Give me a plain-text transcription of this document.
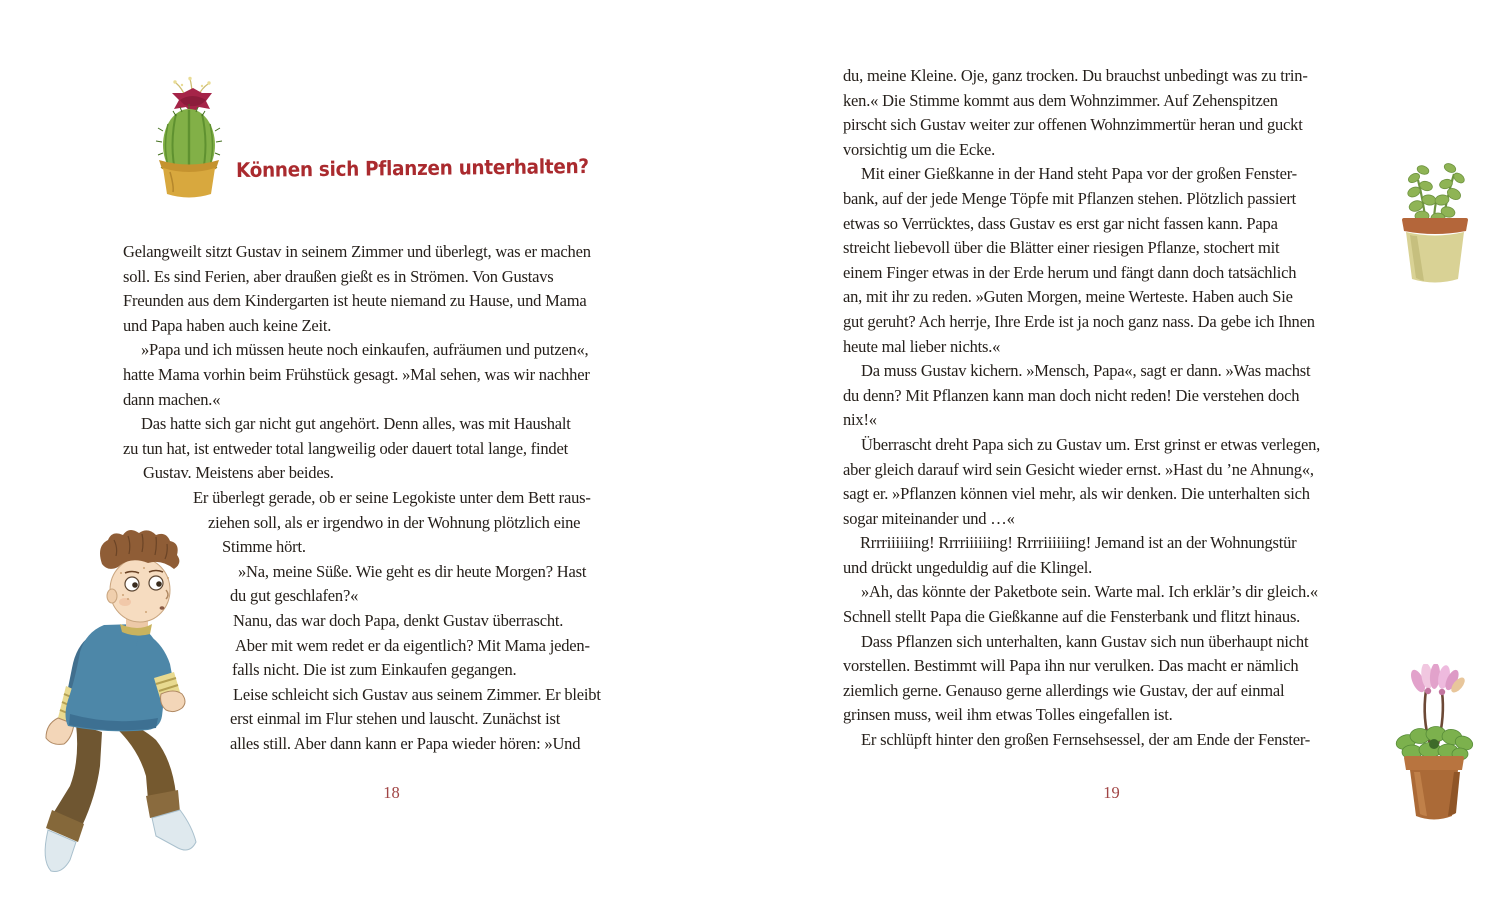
Können sich Pflanzen unterhalten?
Gelangweilt sitzt Gustav in seinem Zimmer und überlegt, was er machen
soll. Es sind Ferien, aber draußen gießt es in Strömen. Von Gustavs
Freunden aus dem Kindergarten ist heute niemand zu Hause, und Mama
und Papa haben auch keine Zeit.
»Papa und ich müssen heute noch einkaufen, aufräumen und putzen«,
hatte Mama vorhin beim Frühstück gesagt. »Mal sehen, was wir nachher
dann machen.«
Das hatte sich gar nicht gut angehört. Denn alles, was mit Haushalt
zu tun hat, ist entweder total langweilig oder dauert total lange, findet
Gustav. Meistens aber beides.
Er überlegt gerade, ob er seine Legokiste unter dem Bett raus-
ziehen soll, als er irgendwo in der Wohnung plötzlich eine
Stimme hört.
»Na, meine Süße. Wie geht es dir heute Morgen? Hast
du gut geschlafen?«
Nanu, das war doch Papa, denkt Gustav überrascht.
Aber mit wem redet er da eigentlich? Mit Mama jeden-
falls nicht. Die ist zum Einkaufen gegangen.
Leise schleicht sich Gustav aus seinem Zimmer. Er bleibt
erst einmal im Flur stehen und lauscht. Zunächst ist
alles still. Aber dann kann er Papa wieder hören: »Und
18
du, meine Kleine. Oje, ganz trocken. Du brauchst unbedingt was zu trin-
ken.« Die Stimme kommt aus dem Wohnzimmer. Auf Zehenspitzen
pirscht sich Gustav weiter zur offenen Wohnzimmertür heran und guckt
vorsichtig um die Ecke.
Mit einer Gießkanne in der Hand steht Papa vor der großen Fenster-
bank, auf der jede Menge Töpfe mit Pflanzen stehen. Plötzlich passiert
etwas so Verrücktes, dass Gustav es erst gar nicht fassen kann. Papa
streicht liebevoll über die Blätter einer riesigen Pflanze, stochert mit
einem Finger etwas in der Erde herum und fängt dann doch tatsächlich
an, mit ihr zu reden. »Guten Morgen, meine Werteste. Haben auch Sie
gut geruht? Ach herrje, Ihre Erde ist ja noch ganz nass. Da gebe ich Ihnen
heute mal lieber nichts.«
Da muss Gustav kichern. »Mensch, Papa«, sagt er dann. »Was machst
du denn? Mit Pflanzen kann man doch nicht reden! Die verstehen doch
nix!«
Überrascht dreht Papa sich zu Gustav um. Erst grinst er etwas verlegen,
aber gleich darauf wird sein Gesicht wieder ernst. »Hast du ’ne Ahnung«,
sagt er. »Pflanzen können viel mehr, als wir denken. Die unterhalten sich
sogar miteinander und …«
Rrrriiiiiing! Rrrriiiiiing! Rrrriiiiiing! Jemand ist an der Wohnungstür
und drückt ungeduldig auf die Klingel.
»Ah, das könnte der Paketbote sein. Warte mal. Ich erklär’s dir gleich.«
Schnell stellt Papa die Gießkanne auf die Fensterbank und flitzt hinaus.
Dass Pflanzen sich unterhalten, kann Gustav sich nun überhaupt nicht
vorstellen. Bestimmt will Papa ihn nur verulken. Das macht er nämlich
ziemlich gerne. Genauso gerne allerdings wie Gustav, der auf einmal
grinsen muss, weil ihm etwas Tolles eingefallen ist.
Er schlüpft hinter den großen Fernsehsessel, der am Ende der Fenster-
19
